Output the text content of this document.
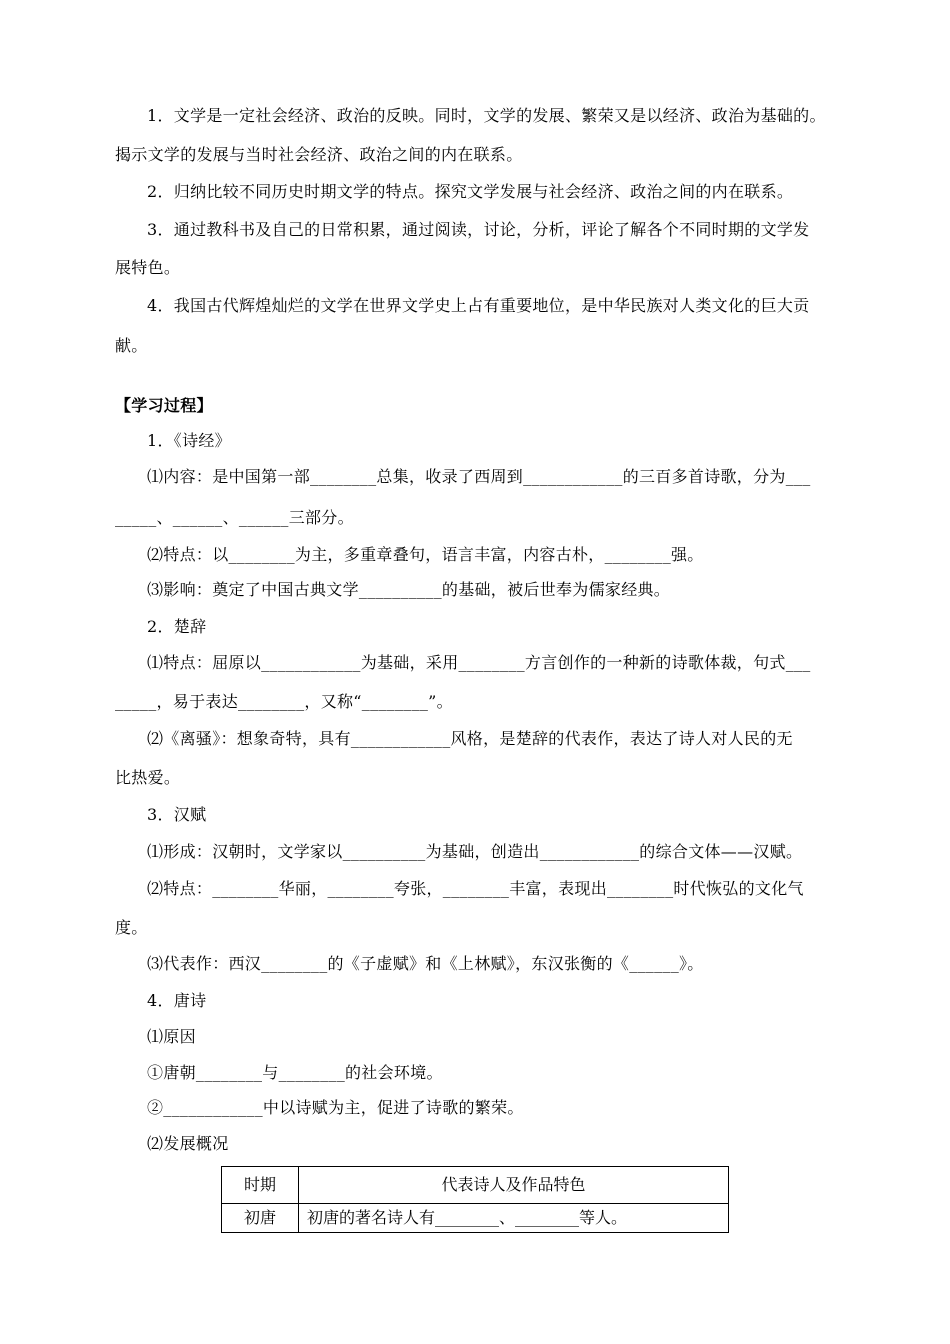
1．文学是一定社会经济、政治的反映。同时，文学的发展、繁荣又是以经济、政治为基础的。
揭示文学的发展与当时社会经济、政治之间的内在联系。
2．归纳比较不同历史时期文学的特点。探究文学发展与社会经济、政治之间的内在联系。
3．通过教科书及自己的日常积累，通过阅读，讨论，分析，评论了解各个不同时期的文学发
展特色。
4．我国古代辉煌灿烂的文学在世界文学史上占有重要地位，是中华民族对人类文化的巨大贡
献。
【学习过程】
1．《诗经》
⑴内容：是中国第一部________总集，收录了西周到____________的三百多首诗歌，分为___
_____、______、______三部分。
⑵特点：以________为主，多重章叠句，语言丰富，内容古朴，________强。
⑶影响：奠定了中国古典文学__________的基础，被后世奉为儒家经典。
2．楚辞
⑴特点：屈原以____________为基础，采用________方言创作的一种新的诗歌体裁，句式___
_____，易于表达________，又称“________”。
⑵《离骚》：想象奇特，具有____________风格，是楚辞的代表作，表达了诗人对人民的无
比热爱。
3．汉赋
⑴形成：汉朝时，文学家以__________为基础，创造出____________的综合文体——汉赋。
⑵特点：________华丽，________夸张，________丰富，表现出________时代恢弘的文化气
度。
⑶代表作：西汉________的《子虚赋》和《上林赋》，东汉张衡的《______》。
4．唐诗
⑴原因
①唐朝________与________的社会环境。
②____________中以诗赋为主，促进了诗歌的繁荣。
⑵发展概况
时期	代表诗人及作品特色
初唐	初唐的著名诗人有________、________等人。
